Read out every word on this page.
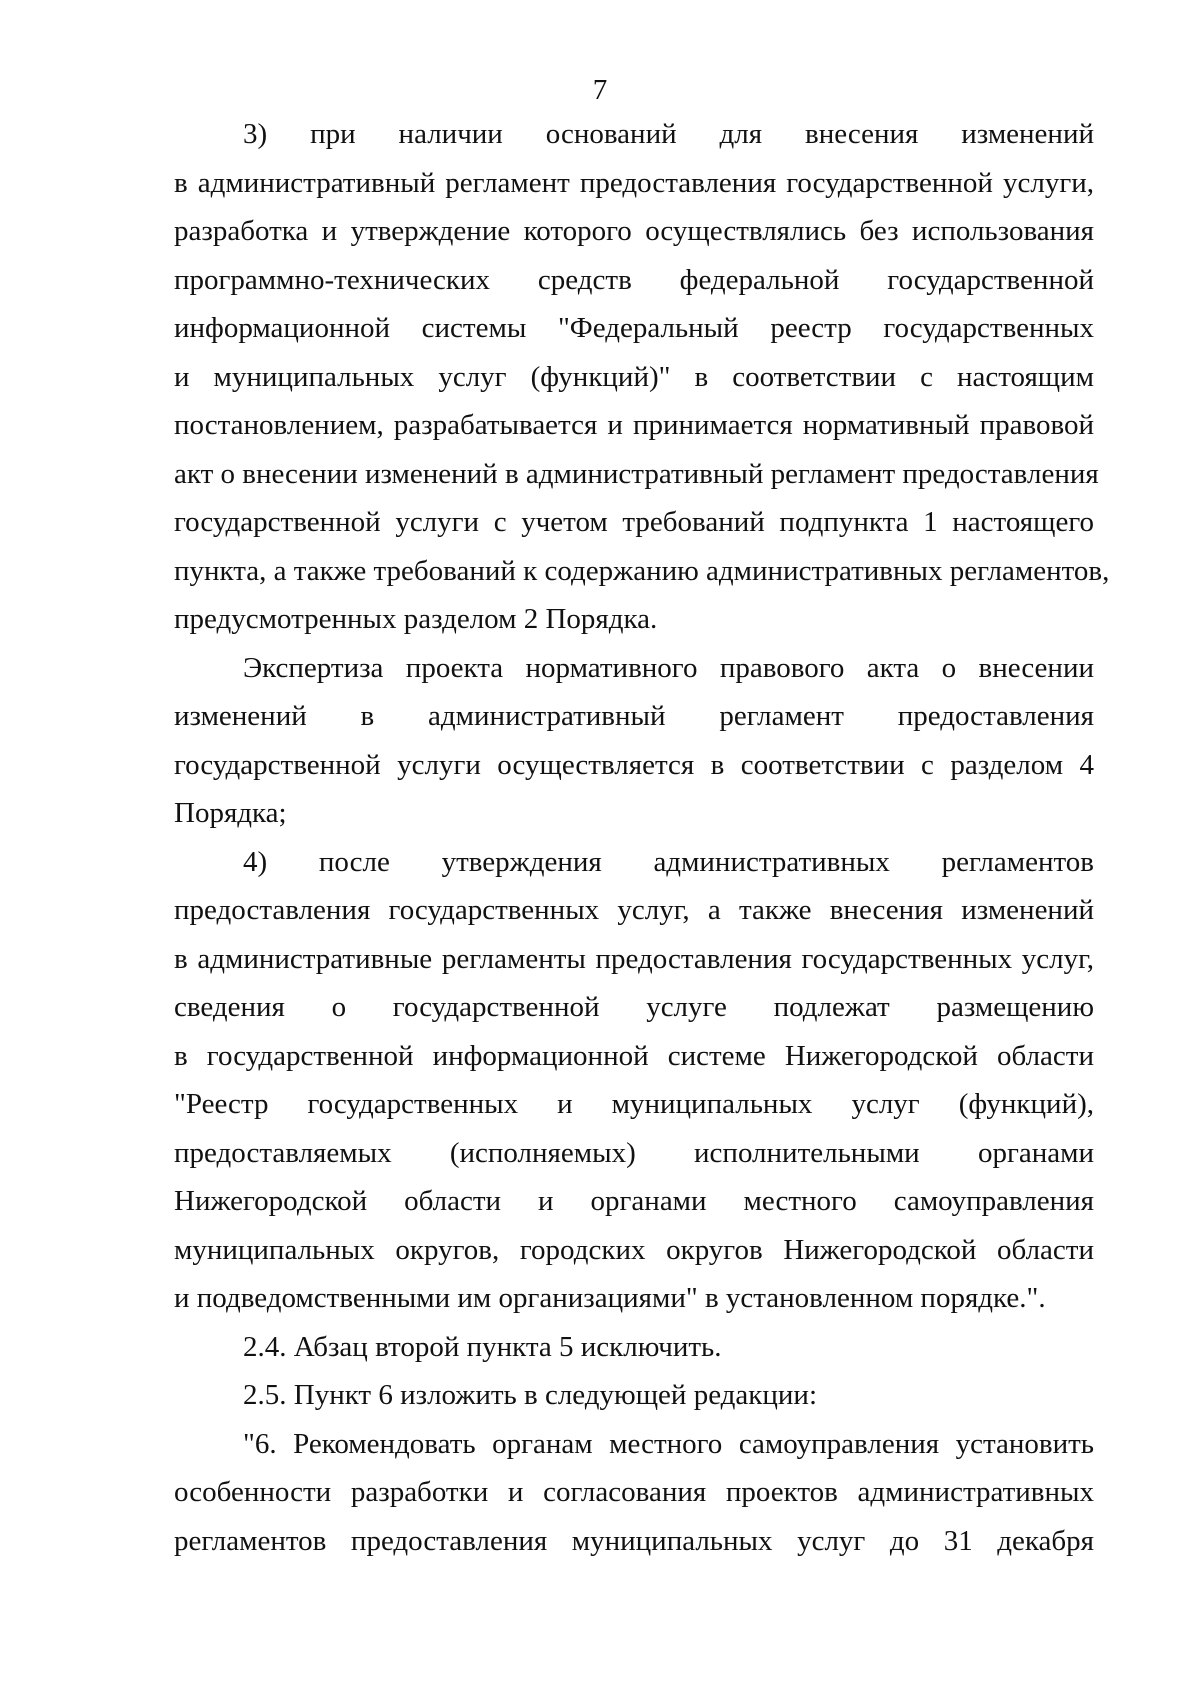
7
3) при наличии оснований для внесения изменений
в административный регламент предоставления государственной услуги,
разработка и утверждение которого осуществлялись без использования
программно-технических средств федеральной государственной
информационной системы "Федеральный реестр государственных
и муниципальных услуг (функций)" в соответствии с настоящим
постановлением, разрабатывается и принимается нормативный правовой
акт о внесении изменений в административный регламент предоставления
государственной услуги с учетом требований подпункта 1 настоящего
пункта, а также требований к содержанию административных регламентов,
предусмотренных разделом 2 Порядка.
Экспертиза проекта нормативного правового акта о внесении
изменений в административный регламент предоставления
государственной услуги осуществляется в соответствии с разделом 4
Порядка;
4) после утверждения административных регламентов
предоставления государственных услуг, а также внесения изменений
в административные регламенты предоставления государственных услуг,
сведения о государственной услуге подлежат размещению
в государственной информационной системе Нижегородской области
"Реестр государственных и муниципальных услуг (функций),
предоставляемых (исполняемых) исполнительными органами
Нижегородской области и органами местного самоуправления
муниципальных округов, городских округов Нижегородской области
и подведомственными им организациями" в установленном порядке.".
2.4. Абзац второй пункта 5 исключить.
2.5. Пункт 6 изложить в следующей редакции:
"6. Рекомендовать органам местного самоуправления установить
особенности разработки и согласования проектов административных
регламентов предоставления муниципальных услуг до 31 декабря
